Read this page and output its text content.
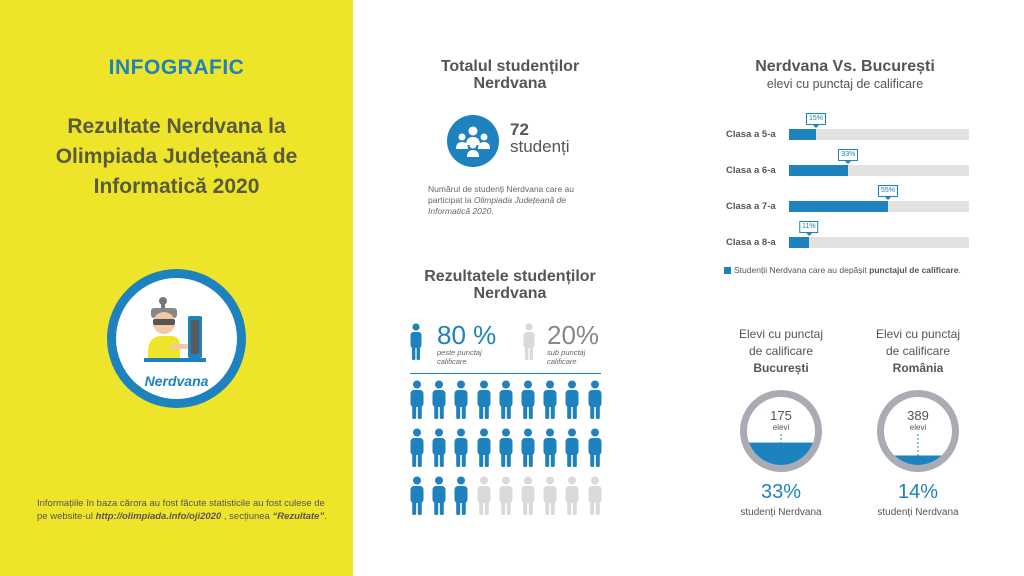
INFOGRAFIC
Rezultate Nerdvana la Olimpiada Județeană de Informatică 2020
Nerdvana
Informațiile în baza cărora au fost făcute statisticile au fost culese de pe website-ul http://olimpiada.info/oji2020 , secțiunea “Rezultate”.
Totalul studenților Nerdvana
72
studenți
Numărul de studenți Nerdvana care au participat la Olimpiada Județeană de Informatică 2020.
Rezultatele studenților Nerdvana
80 %
peste punctaj calificare
20%
sub punctaj calificare
Nerdvana Vs. București
elevi cu punctaj de calificare
Clasa a 5-a
15%
Clasa a 6-a
33%
Clasa a 7-a
55%
Clasa a 8-a
11%
Studenții Nerdvana care au depășit punctajul de calificare.
Elevi cu punctaj
de calificare
București
175
elevi
33%
studenți Nerdvana
Elevi cu punctaj
de calificare
România
389
elevi
14%
studenți Nerdvana
